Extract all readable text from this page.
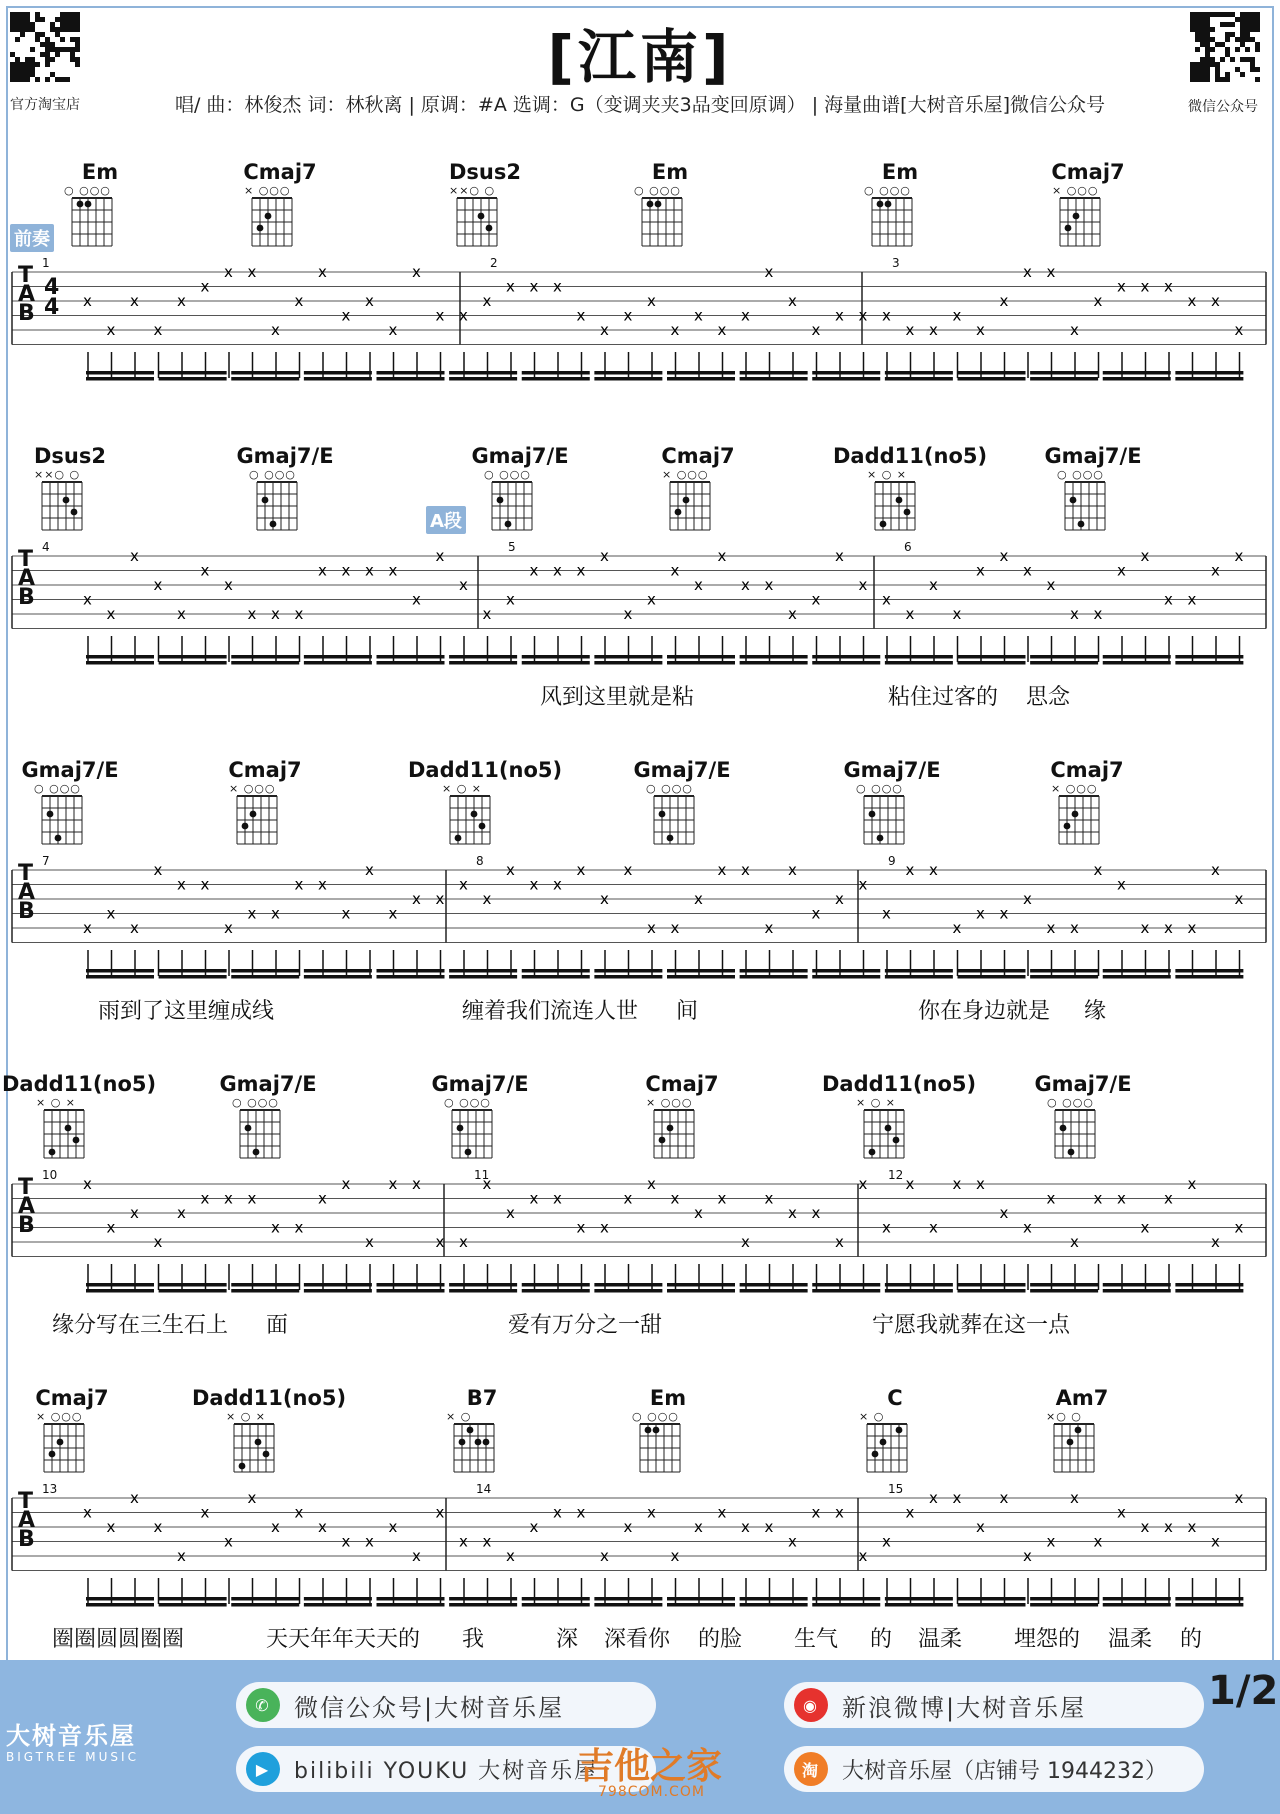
官方淘宝店	微信公众号
[江南]
唱/ 曲：林俊杰 词：林秋离 | 原调：#A 选调：G（变调夹夹3品变回原调） | 海量曲谱[大树音乐屋]微信公众号
前奏
A段
Em
○ ○○○
Cmaj7
× ○○○
Dsus2
××○ ○
Em
○ ○○○
Em
○ ○○○
Cmaj7
× ○○○
Dsus2
××○ ○
Gmaj7/E
○ ○○○
Gmaj7/E
○ ○○○
Cmaj7
× ○○○
Dadd11(no5)
× ○ ×
Gmaj7/E
○ ○○○
Gmaj7/E
○ ○○○
Cmaj7
× ○○○
Dadd11(no5)
× ○ ×
Gmaj7/E
○ ○○○
Gmaj7/E
○ ○○○
Cmaj7
× ○○○
Dadd11(no5)
× ○ ×
Gmaj7/E
○ ○○○
Gmaj7/E
○ ○○○
Cmaj7
× ○○○
Dadd11(no5)
× ○ ×
Gmaj7/E
○ ○○○
Cmaj7
× ○○○
Dadd11(no5)
× ○ ×
B7
× ○
Em
○ ○○○
C
× ○
Am7
×○ ○
x
x
x
x
x
x
x x
x
x
x
x
x
x
x
x x
x
x x x
x
x
x
x
x
x
x
x
x
x
x
x x x
x x
x
x
x
x x
x
x
x x x
x x
x
T
A
B
4
4
1	2	3
x
x
x
x
x
x
x
x x x
x x x x
x
x
x
x
x
x x x
x
x
x
x
x
x
x x
x
x
x
x
x
x
x
x
x
x
x
x
x x
x
x
x x
x
x
T
A
B
4	5	6
x
x
x
x
x x
x
x x
x x
x
x
x
x x
x
x
x
x x
x
x
x
x x
x
x x
x
x
x
x
x
x
x x
x
x x
x
x x
x
x
x x x
x
x
T
A
B
7	8	9
x
x
x
x
x
x x x
x x
x
x
x
x x
x x
x
x
x x
x x
x
x
x
x
x
x
x
x x
x
x
x
x
x
x x
x
x
x
x
x x
x
x
x
x
x
T
A
B
10	11	12
x
x
x
x
x
x
x
x
x
x
x
x x
x
x
x
x x
x
x
x x
x
x
x
x
x
x
x x
x
x x
x
x
x
x x
x
x
x
x
x
x
x
x x x
x
x
T
A
B
13	14	15
风到这里就是粘	粘住过客的 思念
雨到了这里缠成线	缠着我们流连人世 间	你在身边就是 缘
缘分写在三生石上 面	爱有万分之一甜	宁愿我就葬在这一点
圈圈圆圆圈圈	天天年年天天的 我	深 深看你 的脸 生气 的 温柔 埋怨的 温柔 的
大树音乐屋
BIGTREE MUSIC
✆ 微信公众号|大树音乐屋
▶	bilibili YOUKU 大树音乐屋
◉ 新浪微博|大树音乐屋
淘	大树音乐屋（店铺号 1944232）
1/2
吉他之家
798COM.COM
